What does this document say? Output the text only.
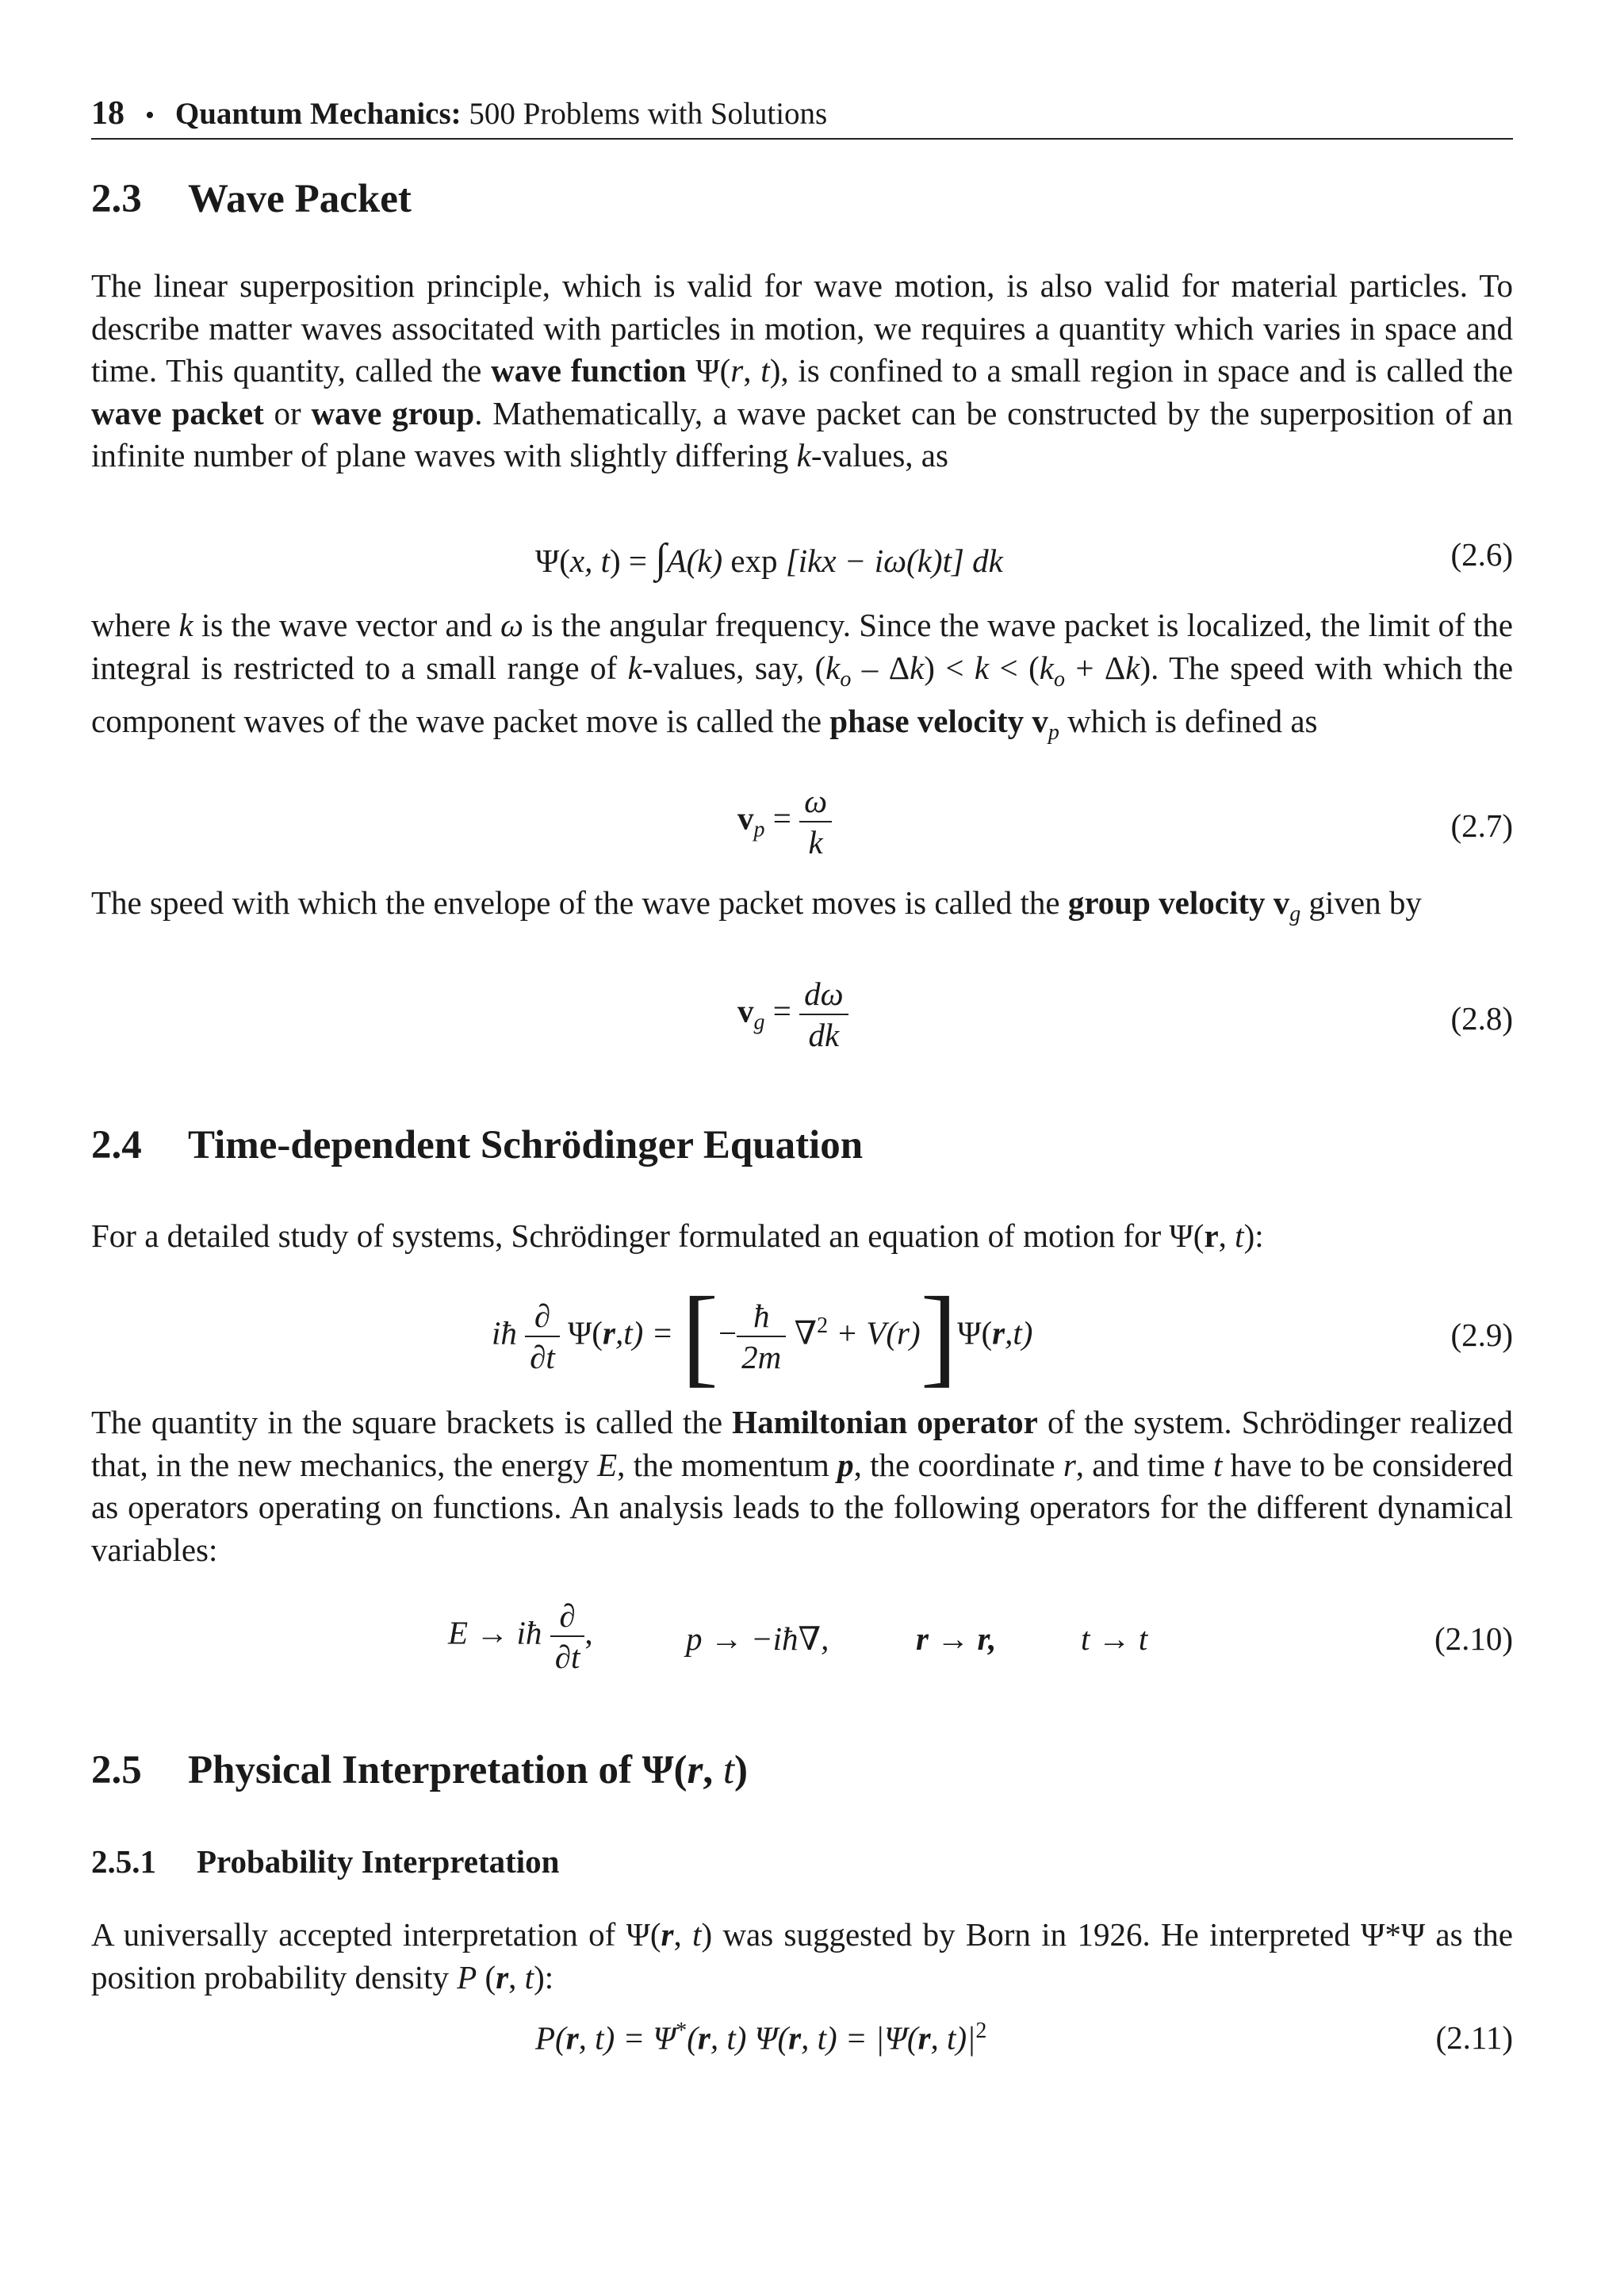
18 • Quantum Mechanics: 500 Problems with Solutions
2.3 Wave Packet

The linear superposition principle, which is valid for wave motion, is also valid for material particles. To describe matter waves associtated with particles in motion, we requires a quantity which varies in space and time. This quantity, called the wave function Ψ(r, t), is confined to a small region in space and is called the wave packet or wave group. Mathematically, a wave packet can be constructed by the superposition of an infinite number of plane waves with slightly differing k-values, as

Ψ(x, t) = ∫A(k) exp [ikx − iω(k)t] dk	(2.6)

where k is the wave vector and ω is the angular frequency. Since the wave packet is localized, the limit of the integral is restricted to a small range of k-values, say, $(k_o - \Delta k) < k < (k_o + \Delta k)$. The speed with which the component waves of the wave packet move is called the phase velocity $v_p$ which is defined as

$v_p = \frac{\omega}{k}$	(2.7)

The speed with which the envelope of the wave packet moves is called the group velocity $v_g$ given by

$v_g = \frac{d\omega}{dk}$	(2.8)
2.4 Time-dependent Schrödinger Equation

For a detailed study of systems, Schrödinger formulated an equation of motion for Ψ(r, t):

iħ $\frac{\partial}{\partial t} \Psi(r,t)$ = [− $\frac{ħ}{2m} \nabla^2 + V(r)]\Psi(r,t)$	(2.9)

The quantity in the square brackets is called the Hamiltonian operator of the system. Schrödinger realized that, in the new mechanics, the energy E, the momentum p, the coordinate r, and time t have to be considered as operators operating on functions. An analysis leads to the following operators for the different dynamical variables:

E → iħ $\frac{\partial}{\partial t}$ ,	p → −iħ∇,	r → r,	t → t	(2.10)
2.5 Physical Interpretation of Ψ(r, t)
2.5.1 Probability Interpretation

A universally accepted interpretation of Ψ(r, t) was suggested by Born in 1926. He interpreted Ψ*Ψ as the position probability density P (r, t):

P(r, t) = Ψ*(r, t) Ψ(r, t) = |Ψ(r, $t)|^2$	(2.11)
